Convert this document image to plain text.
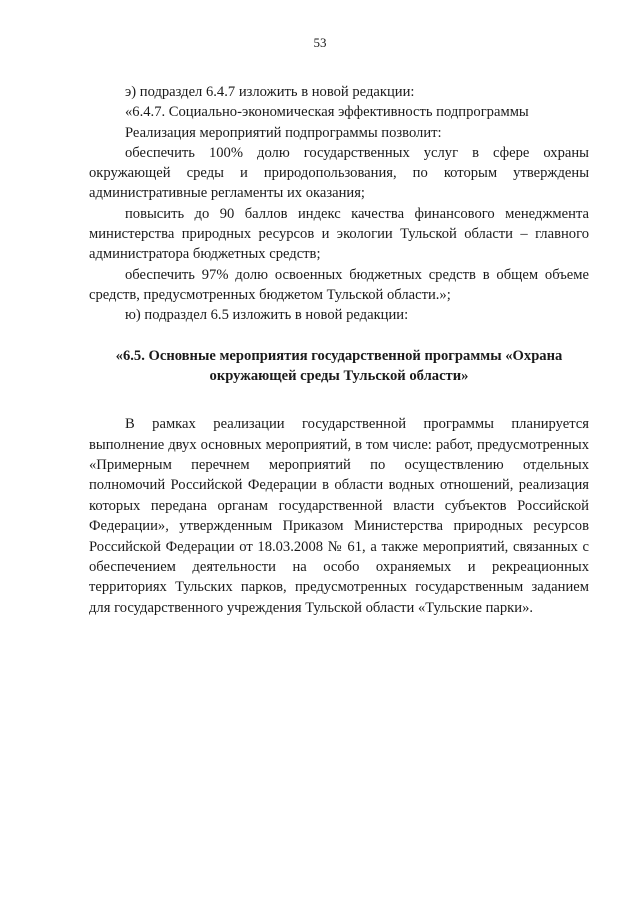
53

э) подраздел 6.4.7 изложить в новой редакции:

«6.4.7. Социально-экономическая эффективность подпрограммы

Реализация мероприятий подпрограммы позволит:

обеспечить 100% долю государственных услуг в сфере охраны окружающей среды и природопользования, по которым утверждены административные регламенты их оказания;

повысить до 90 баллов индекс качества финансового менеджмента министерства природных ресурсов и экологии Тульской области – главного администратора бюджетных средств;

обеспечить 97% долю освоенных бюджетных средств в общем объеме средств, предусмотренных бюджетом Тульской области.»;

ю) подраздел 6.5 изложить в новой редакции:

«6.5. Основные мероприятия государственной программы «Охрана окружающей среды Тульской области»

В рамках реализации государственной программы планируется выполнение двух основных мероприятий, в том числе: работ, предусмотренных «Примерным перечнем мероприятий по осуществлению отдельных полномочий Российской Федерации в области водных отношений, реализация которых передана органам государственной власти субъектов Российской Федерации», утвержденным Приказом Министерства природных ресурсов Российской Федерации от 18.03.2008 № 61, а также мероприятий, связанных с обеспечением деятельности на особо охраняемых и рекреационных территориях Тульских парков, предусмотренных государственным заданием для государственного учреждения Тульской области «Тульские парки».
